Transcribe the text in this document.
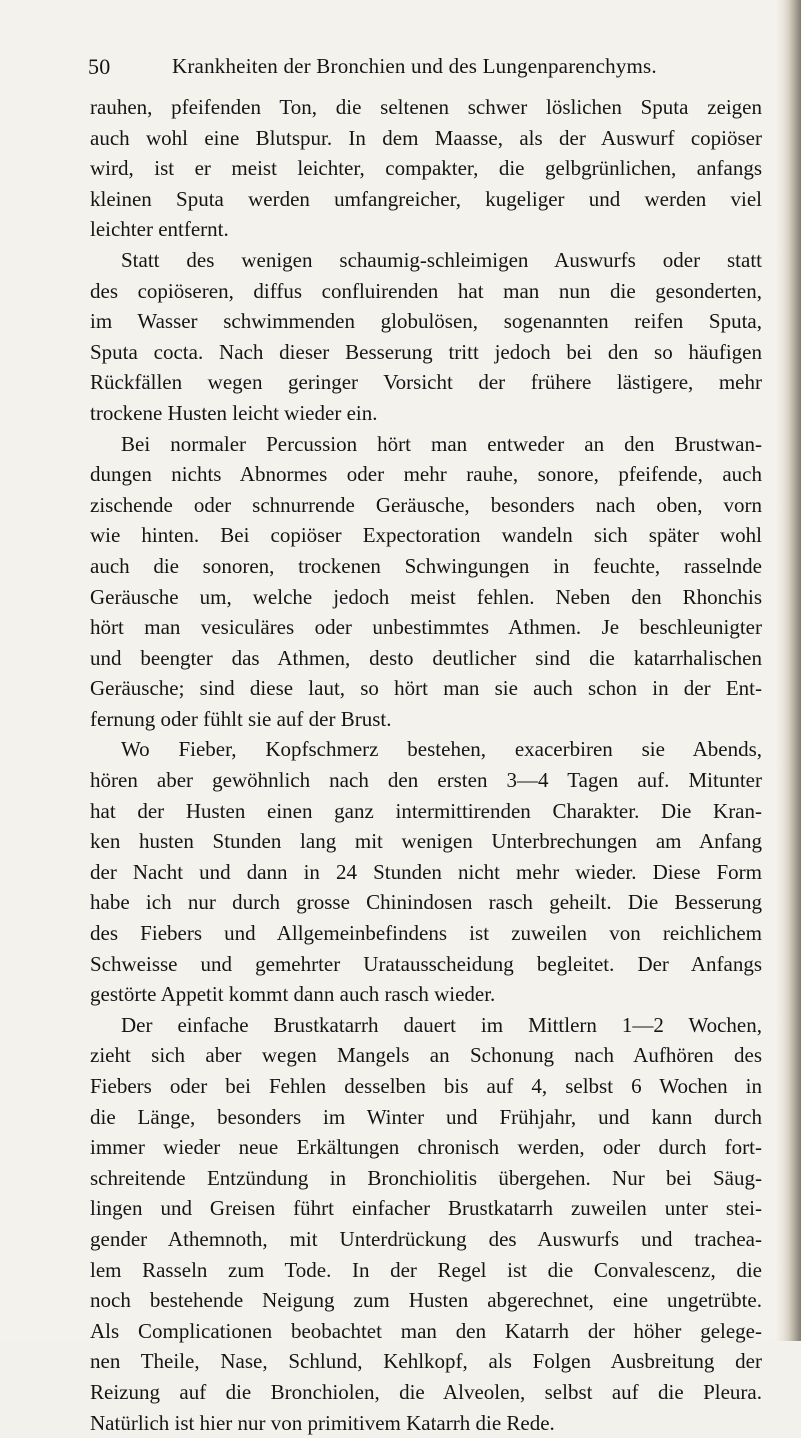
50	Krankheiten der Bronchien und des Lungenparenchyms.
rauhen, pfeifenden Ton, die seltenen schwer löslichen Sputa zeigen
auch wohl eine Blutspur. In dem Maasse, als der Auswurf copiöser
wird, ist er meist leichter, compakter, die gelbgrünlichen, anfangs
kleinen Sputa werden umfangreicher, kugeliger und werden viel
leichter entfernt.
Statt des wenigen schaumig-schleimigen Auswurfs oder statt
des copiöseren, diffus confluirenden hat man nun die gesonderten,
im Wasser schwimmenden globulösen, sogenannten reifen Sputa,
Sputa cocta. Nach dieser Besserung tritt jedoch bei den so häufigen
Rückfällen wegen geringer Vorsicht der frühere lästigere, mehr
trockene Husten leicht wieder ein.
Bei normaler Percussion hört man entweder an den Brustwan-
dungen nichts Abnormes oder mehr rauhe, sonore, pfeifende, auch
zischende oder schnurrende Geräusche, besonders nach oben, vorn
wie hinten. Bei copiöser Expectoration wandeln sich später wohl
auch die sonoren, trockenen Schwingungen in feuchte, rasselnde
Geräusche um, welche jedoch meist fehlen. Neben den Rhonchis
hört man vesiculäres oder unbestimmtes Athmen. Je beschleunigter
und beengter das Athmen, desto deutlicher sind die katarrhalischen
Geräusche; sind diese laut, so hört man sie auch schon in der Ent-
fernung oder fühlt sie auf der Brust.
Wo Fieber, Kopfschmerz bestehen, exacerbiren sie Abends,
hören aber gewöhnlich nach den ersten 3—4 Tagen auf. Mitunter
hat der Husten einen ganz intermittirenden Charakter. Die Kran-
ken husten Stunden lang mit wenigen Unterbrechungen am Anfang
der Nacht und dann in 24 Stunden nicht mehr wieder. Diese Form
habe ich nur durch grosse Chinindosen rasch geheilt. Die Besserung
des Fiebers und Allgemeinbefindens ist zuweilen von reichlichem
Schweisse und gemehrter Uratausscheidung begleitet. Der Anfangs
gestörte Appetit kommt dann auch rasch wieder.
Der einfache Brustkatarrh dauert im Mittlern 1—2 Wochen,
zieht sich aber wegen Mangels an Schonung nach Aufhören des
Fiebers oder bei Fehlen desselben bis auf 4, selbst 6 Wochen in
die Länge, besonders im Winter und Frühjahr, und kann durch
immer wieder neue Erkältungen chronisch werden, oder durch fort-
schreitende Entzündung in Bronchiolitis übergehen. Nur bei Säug-
lingen und Greisen führt einfacher Brustkatarrh zuweilen unter stei-
gender Athemnoth, mit Unterdrückung des Auswurfs und trachea-
lem Rasseln zum Tode. In der Regel ist die Convalescenz, die
noch bestehende Neigung zum Husten abgerechnet, eine ungetrübte.
Als Complicationen beobachtet man den Katarrh der höher gelege-
nen Theile, Nase, Schlund, Kehlkopf, als Folgen Ausbreitung der
Reizung auf die Bronchiolen, die Alveolen, selbst auf die Pleura.
Natürlich ist hier nur von primitivem Katarrh die Rede.
